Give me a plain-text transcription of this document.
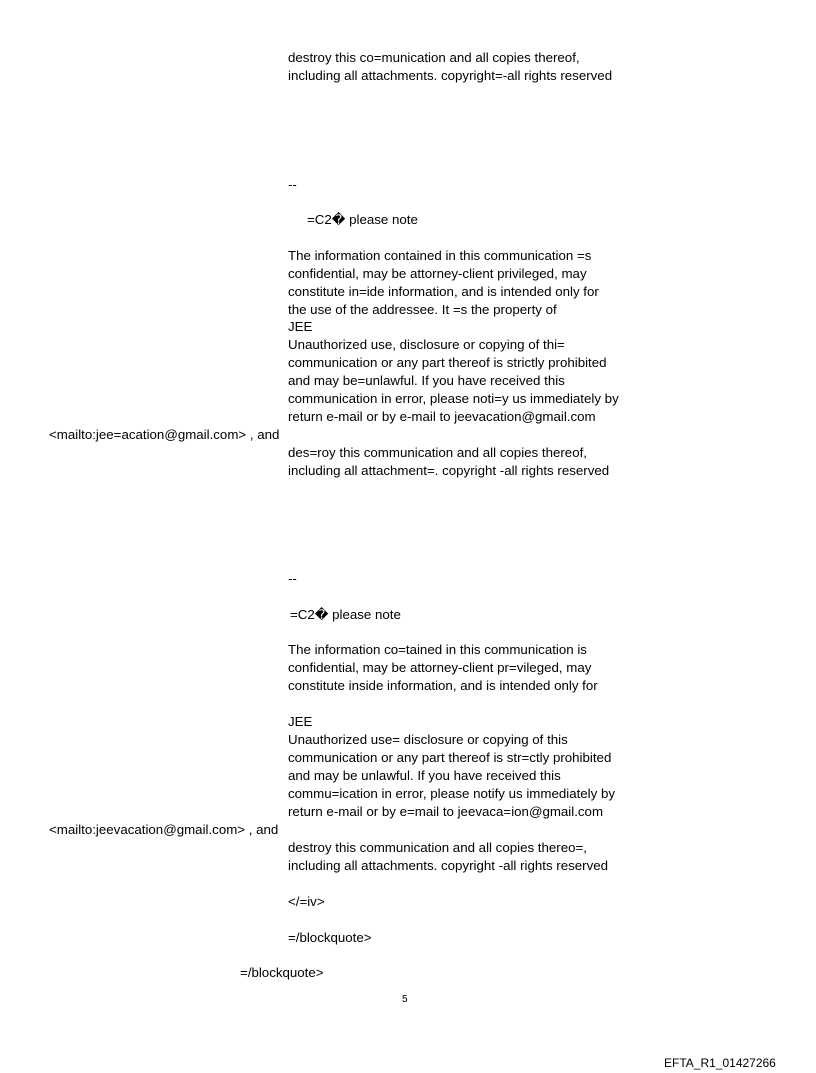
destroy this co=munication and all copies thereof,
including all attachments. copyright=-all rights reserved
--
=C2� please note
The information contained in this communication =s
confidential, may be attorney-client privileged, may
constitute in=ide information, and is intended only for
the use of the addressee. It =s the property of
JEE
Unauthorized use, disclosure or copying of thi=
communication or any part thereof is strictly prohibited
and may be=unlawful. If you have received this
communication in error, please noti=y us immediately by
return e-mail or by e-mail to jeevacation@gmail.com
<mailto:jee=acation@gmail.com> , and
des=roy this communication and all copies thereof,
including all attachment=. copyright -all rights reserved
--
=C2� please note
The information co=tained in this communication is
confidential, may be attorney-client pr=vileged, may
constitute inside information, and is intended only for
JEE
Unauthorized use= disclosure or copying of this
communication or any part thereof is str=ctly prohibited
and may be unlawful. If you have received this
commu=ication in error, please notify us immediately by
return e-mail or by e=mail to jeevaca=ion@gmail.com
<mailto:jeevacation@gmail.com> , and
destroy this communication and all copies thereo=,
including all attachments. copyright -all rights reserved
</=iv>
=/blockquote>
=/blockquote>
5
EFTA_R1_01427266
